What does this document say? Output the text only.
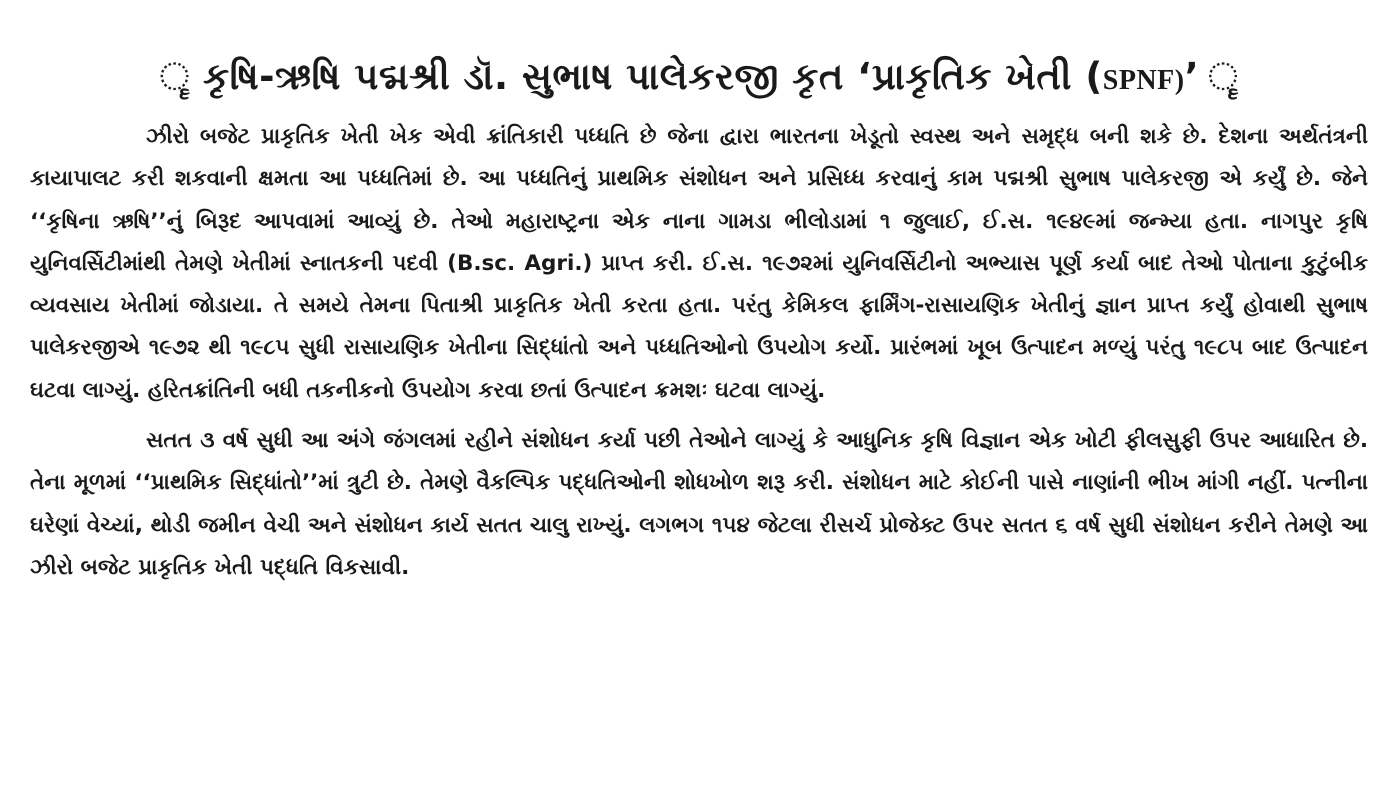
ૄ કૃષિ-ઋષિ પદ્મશ્રી ડૉ. સુભાષ પાલેકરજી કૃત ‘પ્રાકૃતિક ખેતી (SPNF)’ ૄ

ઝીરો બજેટ પ્રાકૃતિક ખેતી ખેક એવી ક્રાંતિકારી પધ્ધતિ છે જેના દ્વારા ભારતના ખેડૂતો સ્વસ્થ અને સમૃદ્ધ બની શકે છે. દેશના અર્થતંત્રની કાયાપાલટ કરી શકવાની ક્ષમતા આ પધ્ધતિમાં છે. આ પધ્ધતિનું પ્રાથમિક સંશોધન અને પ્રસિધ્ધ કરવાનું કામ પદ્મશ્રી સુભાષ પાલેકરજી એ કર્યું છે. જેને ‘‘કૃષિના ઋષિ’’નું બિરૂદ આપવામાં આવ્યું છે. તેઓ મહારાષ્ટ્રના એક નાના ગામડા ભીલોડામાં ૧ જુલાઈ, ઈ.સ. ૧૯૪૯માં જન્મ્યા હતા. નાગપુર કૃષિ યુનિવર્સિટીમાંથી તેમણે ખેતીમાં સ્નાતકની પદવી (B.sc. Agri.) પ્રાપ્ત કરી. ઈ.સ. ૧૯૭૨માં યુનિવર્સિટીનો અભ્યાસ પૂર્ણ કર્યા બાદ તેઓ પોતાના કુટુંબીક વ્યવસાય ખેતીમાં જોડાયા. તે સમયે તેમના પિતાશ્રી પ્રાકૃતિક ખેતી કરતા હતા. પરંતુ કેમિકલ ફાર્મિંગ-રાસાયણિક ખેતીનું જ્ઞાન પ્રાપ્ત કર્યું હોવાથી સુભાષ પાલેકરજીએ ૧૯૭૨ થી ૧૯૮૫ સુધી રાસાયણિક ખેતીના સિદ્ધાંતો અને પધ્ધતિઓનો ઉપયોગ કર્યો. પ્રારંભમાં ખૂબ ઉત્પાદન મળ્યું પરંતુ ૧૯૮૫ બાદ ઉત્પાદન ઘટવા લાગ્યું. હરિતક્રાંતિની બધી તકનીકનો ઉપયોગ કરવા છતાં ઉત્પાદન ક્રમશઃ ઘટવા લાગ્યું.

સતત ૩ વર્ષ સુધી આ અંગે જંગલમાં રહીને સંશોધન કર્યા પછી તેઓને લાગ્યું કે આધુનિક કૃષિ વિજ્ઞાન એક ખોટી ફીલસુફી ઉપર આધારિત છે. તેના મૂળમાં ‘‘પ્રાથમિક સિદ્ધાંતો’’માં ત્રુટી છે. તેમણે વૈકલ્પિક પદ્ધતિઓની શોધખોળ શરૂ કરી. સંશોધન માટે કોઈની પાસે નાણાંની ભીખ માંગી નહીં. પત્નીના ઘરેણાં વેચ્યાં, થોડી જમીન વેચી અને સંશોધન કાર્ય સતત ચાલુ રાખ્યું. લગભગ ૧૫૪ જેટલા રીસર્ચ પ્રોજેક્ટ ઉપર સતત ૬ વર્ષ સુધી સંશોધન કરીને તેમણે આ ઝીરો બજેટ પ્રાકૃતિક ખેતી પદ્ધતિ વિકસાવી.
